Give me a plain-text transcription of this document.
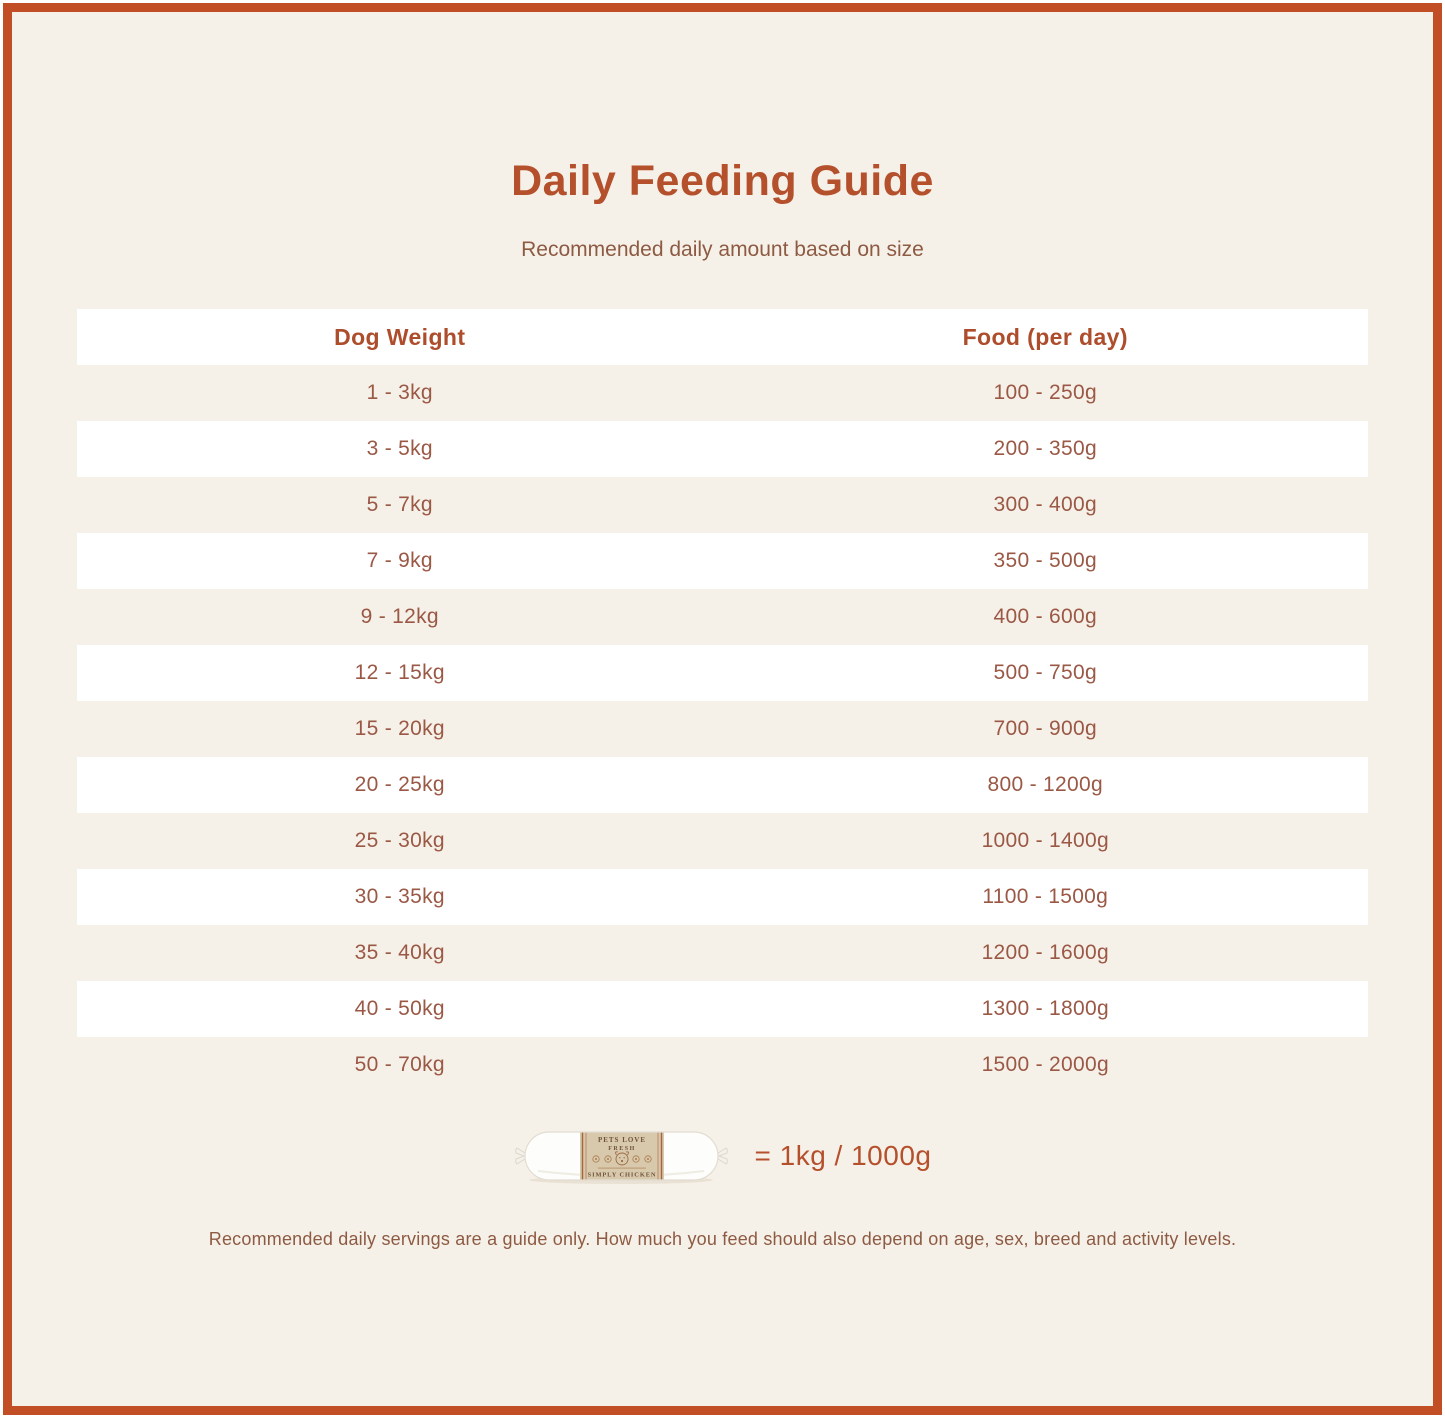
Daily Feeding Guide
Recommended daily amount based on size
Dog Weight	Food (per day)
1 - 3kg	100 - 250g
3 - 5kg	200 - 350g
5 - 7kg	300 - 400g
7 - 9kg	350 - 500g
9 - 12kg	400 - 600g
12 - 15kg	500 - 750g
15 - 20kg	700 - 900g
20 - 25kg	800 - 1200g
25 - 30kg	1000 - 1400g
30 - 35kg	1100 - 1500g
35 - 40kg	1200 - 1600g
40 - 50kg	1300 - 1800g
50 - 70kg	1500 - 2000g
PETS LOVE
FRESH
SIMPLY CHICKEN
= 1kg / 1000g
Recommended daily servings are a guide only. How much you feed should also depend on age, sex, breed and activity levels.
